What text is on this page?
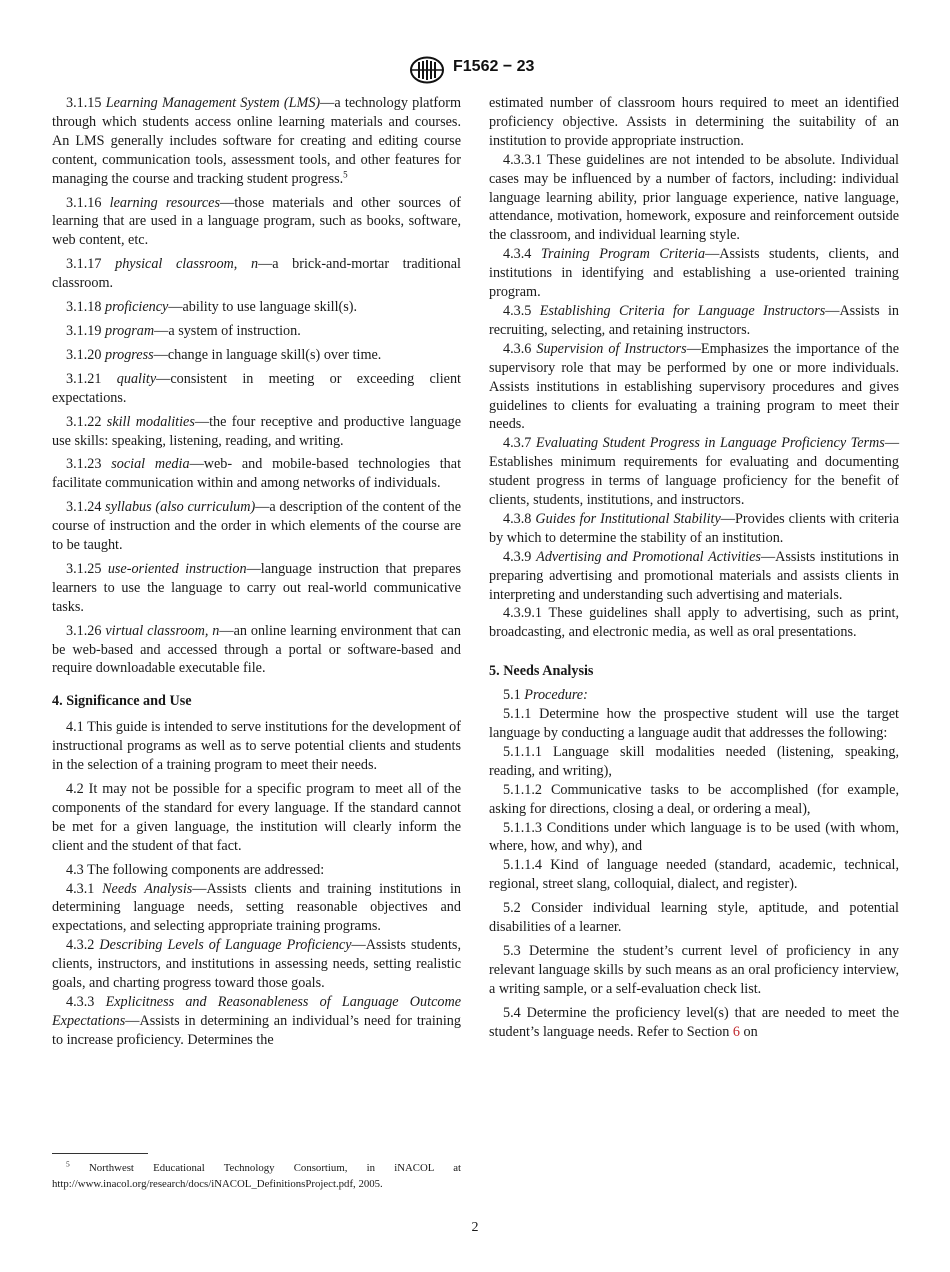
F1562 − 23

3.1.15 Learning Management System (LMS)—a technology platform through which students access online learning materials and courses. An LMS generally includes software for creating and editing course content, communication tools, assessment tools, and other features for managing the course and tracking student progress.$^5$

3.1.16 learning resources—those materials and other sources of learning that are used in a language program, such as books, software, web content, etc.

3.1.17 physical classroom, n—a brick-and-mortar traditional classroom.

3.1.18 proficiency—ability to use language skill(s).

3.1.19 program—a system of instruction.

3.1.20 progress—change in language skill(s) over time.

3.1.21 quality—consistent in meeting or exceeding client expectations.

3.1.22 skill modalities—the four receptive and productive language use skills: speaking, listening, reading, and writing.

3.1.23 social media—web- and mobile-based technologies that facilitate communication within and among networks of individuals.

3.1.24 syllabus (also curriculum)—a description of the content of the course of instruction and the order in which elements of the course are to be taught.

3.1.25 use-oriented instruction—language instruction that prepares learners to use the language to carry out real-world communicative tasks.

3.1.26 virtual classroom, n—an online learning environment that can be web-based and accessed through a portal or software-based and require downloadable executable file.

4. Significance and Use

4.1 This guide is intended to serve institutions for the development of instructional programs as well as to serve potential clients and students in the selection of a training program to meet their needs.

4.2 It may not be possible for a specific program to meet all of the components of the standard for every language. If the standard cannot be met for a given language, the institution will clearly inform the client and the student of that fact.

4.3 The following components are addressed:

4.3.1 Needs Analysis—Assists clients and training institutions in determining language needs, setting reasonable objectives and expectations, and selecting appropriate training programs.

4.3.2 Describing Levels of Language Proficiency—Assists students, clients, instructors, and institutions in assessing needs, setting realistic goals, and charting progress toward those goals.

4.3.3 Explicitness and Reasonableness of Language Outcome Expectations—Assists in determining an individual’s need for training to increase proficiency. Determines the

estimated number of classroom hours required to meet an identified proficiency objective. Assists in determining the suitability of an institution to provide appropriate instruction.

4.3.3.1 These guidelines are not intended to be absolute. Individual cases may be influenced by a number of factors, including: individual language learning ability, prior language experience, native language, attendance, motivation, homework, exposure and reinforcement outside the classroom, and individual learning style.

4.3.4 Training Program Criteria—Assists students, clients, and institutions in identifying and establishing a use-oriented training program.

4.3.5 Establishing Criteria for Language Instructors—Assists in recruiting, selecting, and retaining instructors.

4.3.6 Supervision of Instructors—Emphasizes the importance of the supervisory role that may be performed by one or more individuals. Assists institutions in establishing supervisory procedures and gives guidelines to clients for evaluating a training program to meet their needs.

4.3.7 Evaluating Student Progress in Language Proficiency Terms—Establishes minimum requirements for evaluating and documenting student progress in terms of language proficiency for the benefit of clients, students, institutions, and instructors.

4.3.8 Guides for Institutional Stability—Provides clients with criteria by which to determine the stability of an institution.

4.3.9 Advertising and Promotional Activities—Assists institutions in preparing advertising and promotional materials and assists clients in interpreting and understanding such advertising and materials.

4.3.9.1 These guidelines shall apply to advertising, such as print, broadcasting, and electronic media, as well as oral presentations.

5. Needs Analysis

5.1 Procedure:

5.1.1 Determine how the prospective student will use the target language by conducting a language audit that addresses the following:

5.1.1.1 Language skill modalities needed (listening, speaking, reading, and writing),

5.1.1.2 Communicative tasks to be accomplished (for example, asking for directions, closing a deal, or ordering a meal),

5.1.1.3 Conditions under which language is to be used (with whom, where, how, and why), and

5.1.1.4 Kind of language needed (standard, academic, technical, regional, street slang, colloquial, dialect, and register).

5.2 Consider individual learning style, aptitude, and potential disabilities of a learner.

5.3 Determine the student’s current level of proficiency in any relevant language skills by such means as an oral proficiency interview, a writing sample, or a self-evaluation check list.

5.4 Determine the proficiency level(s) that are needed to meet the student’s language needs. Refer to Section 6 on

$^5$ Northwest Educational Technology Consortium, in iNACOL at http://www.inacol.org/research/docs/iNACOL_DefinitionsProject.pdf, 2005.
2
